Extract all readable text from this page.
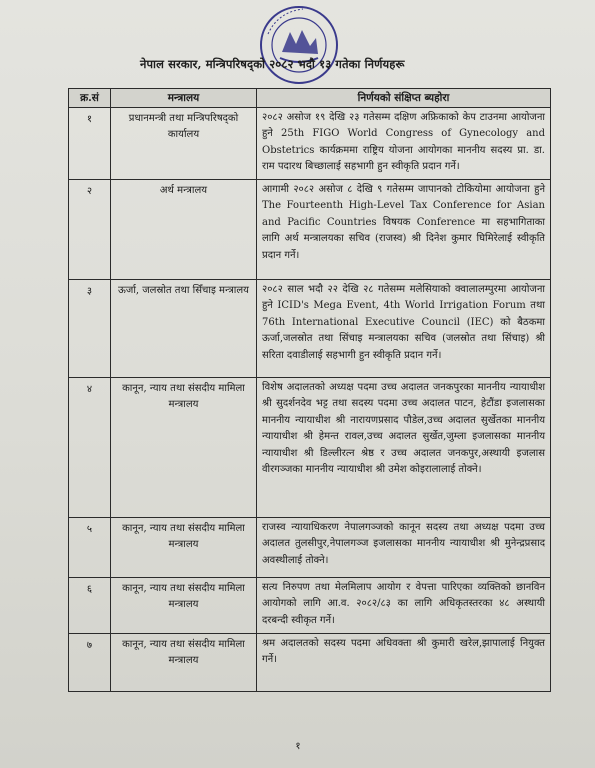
नेपाल सरकार, मन्त्रिपरिषद्को २०८२ भदौ १३ गतेका निर्णयहरू
क्र.सं	मन्त्रालय	निर्णयको संक्षिप्त ब्यहोरा
१	प्रधानमन्त्री तथा मन्त्रिपरिषद्को कार्यालय	२०८२ असोज १९ देखि २३ गतेसम्म दक्षिण अफ्रिकाको केप टाउनमा आयोजना हुने 25th FIGO World Congress of Gynecology and Obstetrics कार्यक्रममा राष्ट्रिय योजना आयोगका माननीय सदस्य प्रा. डा. राम पदारथ बिच्छालाई सहभागी हुन स्वीकृति प्रदान गर्ने।
२	अर्थ मन्त्रालय	आगामी २०८२ असोज ८ देखि ९ गतेसम्म जापानको टोकियोमा आयोजना हुने The Fourteenth High-Level Tax Conference for Asian and Pacific Countries विषयक Conference मा सहभागिताका लागि अर्थ मन्त्रालयका सचिव (राजस्व) श्री दिनेश कुमार घिमिरेलाई स्वीकृति प्रदान गर्ने।
३	ऊर्जा, जलस्रोत तथा सिँचाइ मन्त्रालय	२०८२ साल भदौ २२ देखि २८ गतेसम्म मलेसियाको क्वालालम्पुरमा आयोजना हुने ICID's Mega Event, 4th World Irrigation Forum तथा 76th International Executive Council (IEC) को बैठकमा ऊर्जा,जलस्रोत तथा सिंचाइ मन्त्रालयका सचिव (जलस्रोत तथा सिंचाइ) श्री सरिता दवाडीलाई सहभागी हुन स्वीकृति प्रदान गर्ने।
४	कानून, न्याय तथा संसदीय मामिला मन्त्रालय	विशेष अदालतको अध्यक्ष पदमा उच्च अदालत जनकपुरका माननीय न्यायाधीश श्री सुदर्शनदेव भट्ट तथा सदस्य पदमा उच्च अदालत पाटन, हेटौंडा इजलासका माननीय न्यायाधीश श्री नारायणप्रसाद पौडेल,उच्च अदालत सुर्खेतका माननीय न्यायाधीश श्री हेमन्त रावल,उच्च अदालत सुर्खेत,जुम्ला इजलासका माननीय न्यायाधीश श्री डिल्लीरत्न श्रेष्ठ र उच्च अदालत जनकपुर,अस्थायी इजलास वीरगञ्जका माननीय न्यायाधीश श्री उमेश कोइरालालाई तोक्ने।
५	कानून, न्याय तथा संसदीय मामिला मन्त्रालय	राजस्व न्यायाधिकरण नेपालगञ्जको कानून सदस्य तथा अध्यक्ष पदमा उच्च अदालत तुलसीपुर,नेपालगञ्ज इजलासका माननीय न्यायाधीश श्री मुनेन्द्रप्रसाद अवस्थीलाई तोक्ने।
६	कानून, न्याय तथा संसदीय मामिला मन्त्रालय	सत्य निरुपण तथा मेलमिलाप आयोग र वेपत्ता पारिएका व्यक्तिको छानविन आयोगको लागि आ.व. २०८२/८३ का लागि अधिकृतस्तरका ४८ अस्थायी दरबन्दी स्वीकृत गर्ने।
७	कानून, न्याय तथा संसदीय मामिला मन्त्रालय	श्रम अदालतको सदस्य पदमा अधिवक्ता श्री कुमारी खरेल,झापालाई नियुक्त गर्ने।
१
